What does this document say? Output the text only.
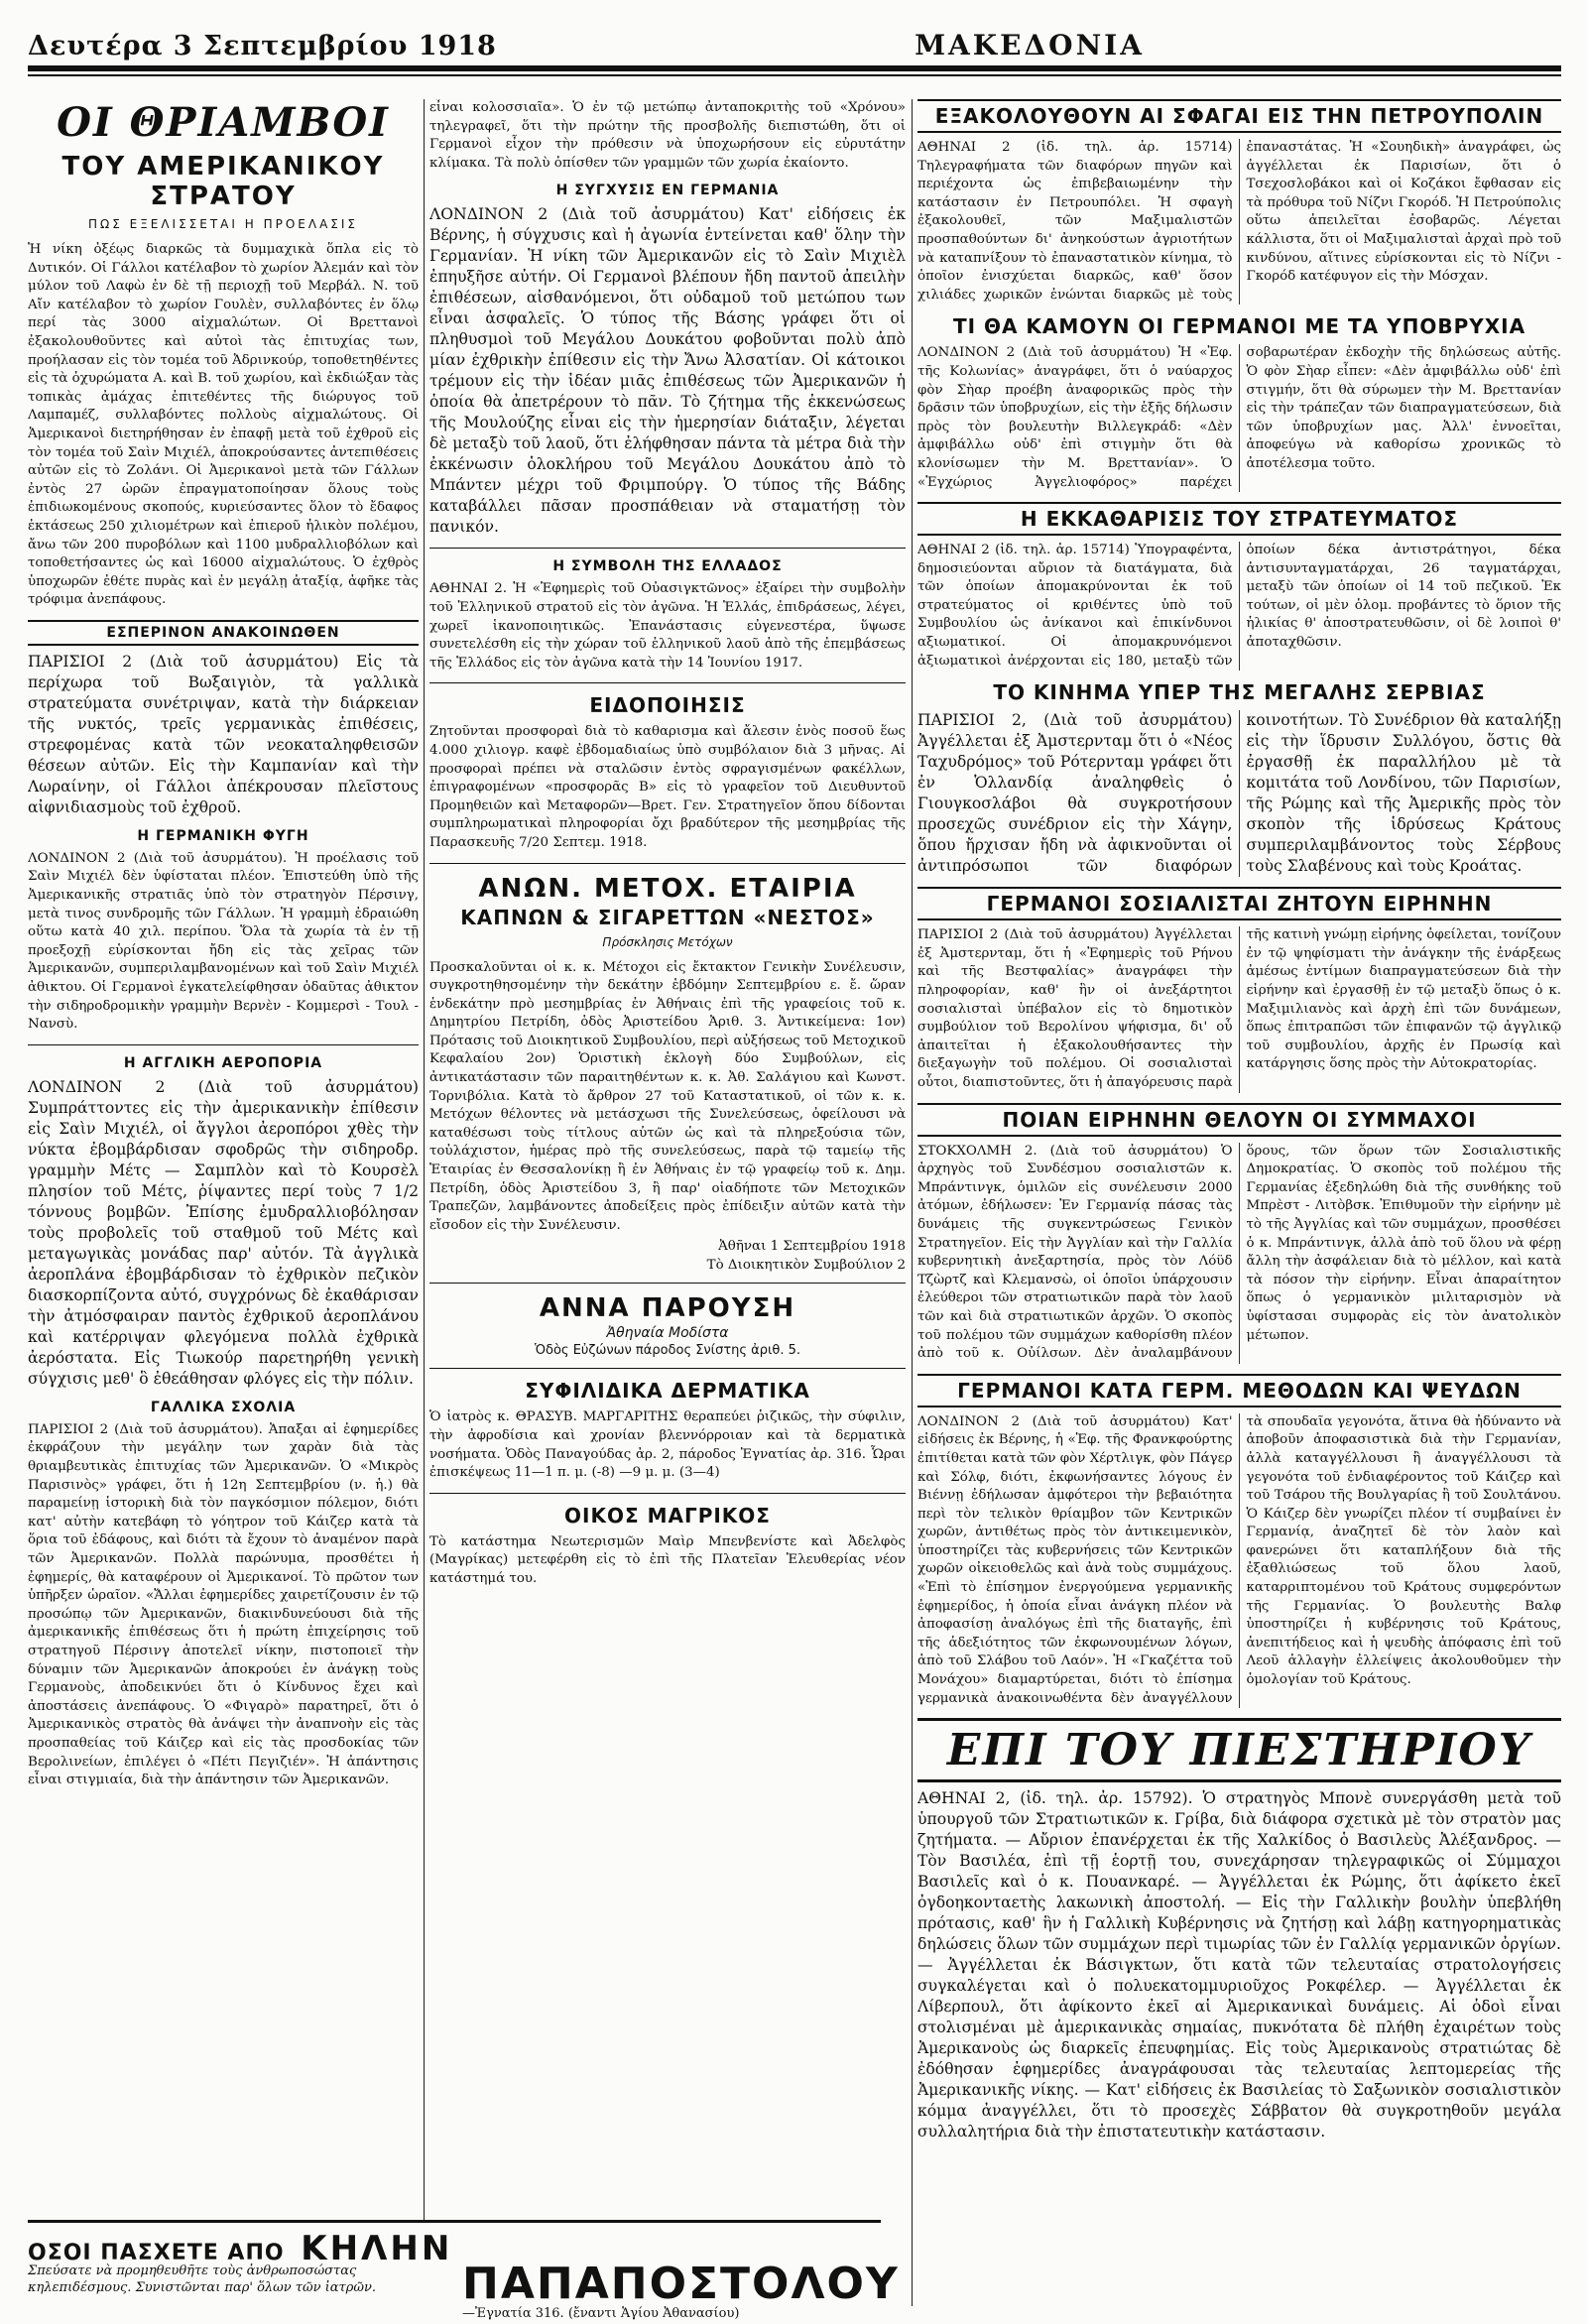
Δευτέρα 3 Σεπτεμβρίου 1918	ΜΑΚΕΔΟΝΙΑ
ΟΙ ΘΡΙΑΜΒΟΙ
ΤΟΥ ΑΜΕΡΙΚΑΝΙΚΟΥ ΣΤΡΑΤΟΥ
ΠΩΣ ΕΞΕΛΙΣΣΕΤΑΙ Η ΠΡΟΕΛΑΣΙΣ

Ἡ νίκη ὀξέῳς διαρκῶς τὰ δυμμαχικὰ ὅπλα εἰς τὸ Δυτικόν. Οἱ Γάλλοι κατέλαβον τὸ χωρίον Ἀλεμάν καὶ τὸν μύλον τοῦ Λαφὼ ἐν δὲ τῇ περιοχῇ τοῦ Μερβάλ. Ν. τοῦ Αἴν κατέλαβον τὸ χωρίον Γουλὲν, συλλαβόντες ἐν ὅλῳ περί τὰς 3000 αἰχμαλώτων. Οἱ Βρεττανοὶ ἐξακολουθοῦντες καὶ αὐτοὶ τὰς ἐπιτυχίας των, προήλασαν εἰς τὸν τομέα τοῦ Ἀδρινκούρ, τοποθετηθέντες εἰς τὰ ὀχυρώματα Α. καὶ Β. τοῦ χωρίου, καὶ ἐκδιώξαν τὰς τοπικὰς ἀμάχας ἐπιτεθέντες τῆς διώρυγος τοῦ Λαμπαμέζ, συλλαβόντες πολλοὺς αἰχμαλώτους. Οἱ Ἀμερικανοὶ διετηρήθησαν ἐν ἐπαφῇ μετὰ τοῦ ἐχθροῦ εἰς τὸν τομέα τοῦ Σαὶν Μιχιέλ, ἀποκρούσαντες ἀντεπιθέσεις αὐτῶν εἰς τὸ Ζολάνι. Οἱ Ἀμερικανοὶ μετὰ τῶν Γάλλων ἐντὸς 27 ὡρῶν ἐπραγματοποίησαν ὅλους τοὺς ἐπιδιωκομένους σκοπούς, κυριεύσαντες ὅλον τὸ ἔδαφος ἐκτάσεως 250 χιλιομέτρων καὶ ἐπιεροῦ ἠλικὸν πολέμου, ἄνω τῶν 200 πυροβόλων καὶ 1100 μυδραλλιοβόλων καὶ τοποθετήσαντες ὡς καὶ 16000 αἰχμαλώτους. Ὁ ἐχθρὸς ὑποχωρῶν ἐθέτε πυρὰς καὶ ἐν μεγάλῃ ἀταξίᾳ, ἀφῆκε τὰς τρόφιμα ἀνεπάφους.

ΕΣΠΕΡΙΝΟΝ ΑΝΑΚΟΙΝΩΘΕΝ

ΠΑΡΙΣΙΟΙ 2 (Διὰ τοῦ ἀσυρμάτου) Εἰς τὰ περίχωρα τοῦ Βωξαιγιὸν, τὰ γαλλικὰ στρατεύματα συνέτριψαν, κατὰ τὴν διάρκειαν τῆς νυκτός, τρεῖς γερμανικὰς ἐπιθέσεις, στρεφομένας κατὰ τῶν νεοκαταληφθεισῶν θέσεων αὐτῶν. Εἰς τὴν Καμπανίαν καὶ τὴν Λωραίνην, οἱ Γάλλοι ἀπέκρουσαν πλεῖστους αἰφνιδιασμοὺς τοῦ ἐχθροῦ.

Η ΓΕΡΜΑΝΙΚΗ ΦΥΓΗ

ΛΟΝΔΙΝΟΝ 2 (Διὰ τοῦ ἀσυρμάτου). Ἡ προέλασις τοῦ Σαὶν Μιχιέλ δὲν ὑφίσταται πλέον. Ἐπιστεύθη ὑπὸ τῆς Ἀμερικανικῆς στρατιᾶς ὑπὸ τὸν στρατηγὸν Πέρσινγ, μετὰ τινος συνδρομῆς τῶν Γάλλων. Ἡ γραμμὴ ἐδραιώθη οὕτω κατὰ 40 χιλ. περίπου. Ὅλα τὰ χωρία τὰ ἐν τῇ προεξοχῇ εὑρίσκονται ἤδη εἰς τὰς χεῖρας τῶν Ἀμερικανῶν, συμπεριλαμβανομένων καὶ τοῦ Σαὶν Μιχιέλ ἀθικτου. Οἱ Γερμανοὶ ἐγκατελείφθησαν ὀδαῦτας ἀθικτον τὴν σιδηροδρομικὴν γραμμὴν Βερνὲν - Κομμερσὶ - Τουλ - Νανσὺ.

Η ΑΓΓΛΙΚΗ ΑΕΡΟΠΟΡΙΑ

ΛΟΝΔΙΝΟΝ 2 (Διὰ τοῦ ἀσυρμάτου) Συμπράττοντες εἰς τὴν ἀμερικανικὴν ἐπίθεσιν εἰς Σαὶν Μιχιέλ, οἱ ἄγγλοι ἀεροπόροι χθὲς τὴν νύκτα ἐβομβάρδισαν σφοδρῶς τὴν σιδηροδρ. γραμμὴν Μέτς — Σαμπλὸν καὶ τὸ Κουρσὲλ πλησίον τοῦ Μέτς, ῥίψαντες περί τοὺς 7 1/2 τόννους βομβῶν. Ἐπίσης ἐμυδραλλιοβόλησαν τοὺς προβολεῖς τοῦ σταθμοῦ τοῦ Μέτς καὶ μεταγωγικὰς μονάδας παρ' αὐτόν. Τὰ ἀγγλικὰ ἀεροπλάνα ἐβομβάρδισαν τὸ ἐχθρικὸν πεζικὸν διασκορπίζοντα αὐτό, συγχρόνως δὲ ἐκαθάρισαν τὴν ἀτμόσφαιραν παντὸς ἐχθρικοῦ ἀεροπλάνου καὶ κατέρριψαν φλεγόμενα πολλὰ ἐχθρικὰ ἀερόστατα. Εἰς Τιωκούρ παρετηρήθη γενικὴ σύγχισις μεθ' ὃ ἐθεάθησαν φλόγες εἰς τὴν πόλιν.

ΓΑΛΛΙΚΑ ΣΧΟΛΙΑ

ΠΑΡΙΣΙΟΙ 2 (Διὰ τοῦ ἀσυρμάτου). Ἁπαξαι αἱ ἐφημερίδες ἐκφράζουν τὴν μεγάλην των χαρὰν διὰ τὰς θριαμβευτικὰς ἐπιτυχίας τῶν Ἀμερικανῶν. Ὁ «Μικρὸς Παρισινὸς» γράφει, ὅτι ἡ 12η Σεπτεμβρίου (ν. ἡ.) θὰ παραμείνῃ ἱστορικὴ διὰ τὸν παγκόσμιον πόλεμον, διότι κατ' αὐτὴν κατεβάφη τὸ γόητρον τοῦ Κάιζερ κατὰ τὰ ὅρια τοῦ ἐδάφους, καὶ διότι τὰ ἔχουν τὸ ἀναμένον παρὰ τῶν Ἀμερικανῶν. Πολλὰ παρώνυμα, προσθέτει ἡ ἐφημερίς, θὰ καταφέρουν οἱ Ἀμερικανοί. Τὸ πρῶτον των ὑπῆρξεν ὡραῖον. «Ἄλλαι ἐφημερίδες χαιρετίζουσιν ἐν τῷ προσώπῳ τῶν Ἀμερικανῶν, διακινδυνεύουσι διὰ τῆς ἀμερικανικῆς ἐπιθέσεως ὅτι ἡ πρώτη ἐπιχείρησις τοῦ στρατηγοῦ Πέρσινγ ἀποτελεῖ νίκην, πιστοποιεῖ τὴν δύναμιν τῶν Ἀμερικανῶν ἀποκρούει ἐν ἀνάγκῃ τοὺς Γερμανοὺς, ἀποδεικνύει ὅτι ὁ Κίνδυνος ἔχει καὶ ἀποστάσεις ἀνεπάφους. Ὁ «Φιγαρὸ» παρατηρεῖ, ὅτι ὁ Ἀμερικανικὸς στρατὸς θὰ ἀνάψει τὴν ἀναπνοὴν εἰς τὰς προσπαθείας τοῦ Κάιζερ καὶ εἰς τὰς προσδοκίας τῶν Βερολινείων, ἐπιλέγει ὁ «Πέτι Πεγιζιέν». Ἡ ἀπάντησις εἶναι στιγμιαία, διὰ τὴν ἀπάντησιν τῶν Ἀμερικανῶν.

εἶναι κολοσσιαῖα». Ὁ ἐν τῷ μετώπῳ ἀνταποκριτὴς τοῦ «Χρόνου» τηλεγραφεῖ, ὅτι τὴν πρώτην τῆς προσβολῆς διεπιστώθη, ὅτι οἱ Γερμανοὶ εἶχον τὴν πρόθεσιν νὰ ὑποχωρήσουν εἰς εὐρυτάτην κλίμακα. Τὰ πολὺ ὀπίσθεν τῶν γραμμῶν τῶν χωρία ἐκαίοντο.

Η ΣΥΓΧΥΣΙΣ ΕΝ ΓΕΡΜΑΝΙΑ

ΛΟΝΔΙΝΟΝ 2 (Διὰ τοῦ ἀσυρμάτου) Κατ' εἰδήσεις ἐκ Βέρνης, ἡ σύγχυσις καὶ ἡ ἀγωνία ἐντείνεται καθ' ὅλην τὴν Γερμανίαν. Ἡ νίκη τῶν Ἀμερικανῶν εἰς τὸ Σαὶν Μιχιὲλ ἐπηυξῆσε αὐτήν. Οἱ Γερμανοὶ βλέπουν ἤδη παντοῦ ἀπειλὴν ἐπιθέσεων, αἰσθανόμενοι, ὅτι οὐδαμοῦ τοῦ μετώπου των εἶναι ἀσφαλεῖς. Ὁ τύπος τῆς Βάσης γράφει ὅτι οἱ πληθυσμοὶ τοῦ Μεγάλου Δουκάτου φοβοῦνται πολὺ ἀπὸ μίαν ἐχθρικὴν ἐπίθεσιν εἰς τὴν Ἄνω Ἀλσατίαν. Οἱ κάτοικοι τρέμουν εἰς τὴν ἰδέαν μιᾶς ἐπιθέσεως τῶν Ἀμερικανῶν ἡ ὁποία θὰ ἀπετρέρουν τὸ πᾶν. Τὸ ζήτημα τῆς ἐκκενώσεως τῆς Μουλούζης εἶναι εἰς τὴν ἡμερησίαν διάταξιν, λέγεται δὲ μεταξὺ τοῦ λαοῦ, ὅτι ἐλήφθησαν πάντα τὰ μέτρα διὰ τὴν ἐκκένωσιν ὁλοκλήρου τοῦ Μεγάλου Δουκάτου ἀπὸ τὸ Μπάντεν μέχρι τοῦ Φριμπούργ. Ὁ τύπος τῆς Βάδης καταβάλλει πᾶσαν προσπάθειαν νὰ σταματήσῃ τὸν πανικόν.

Η ΣΥΜΒΟΛΗ ΤΗΣ ΕΛΛΑΔΟΣ

ΑΘΗΝΑΙ 2. Ἡ «Ἐφημερὶς τοῦ Οὐασιγκτῶνος» ἐξαίρει τὴν συμβολὴν τοῦ Ἑλληνικοῦ στρατοῦ εἰς τὸν ἀγῶνα. Ἡ Ἑλλάς, ἐπιδράσεως, λέγει, χωρεῖ ἱκανοποιητικῶς. Ἐπανάστασις εὐγενεστέρα, ὕψωσε συνετελέσθη εἰς τὴν χώραν τοῦ ἑλληνικοῦ λαοῦ ἀπὸ τῆς ἐπεμβάσεως τῆς Ἑλλάδος εἰς τὸν ἀγῶνα κατὰ τὴν 14 Ἰουνίου 1917.

ΕΙΔΟΠΟΙΗΣΙΣ

Ζητοῦνται προσφοραὶ διὰ τὸ καθαρισμα καὶ ἄλεσιν ἑνὸς ποσοῦ ἕως 4.000 χιλιογρ. καφὲ ἐβδομαδιαίως ὑπὸ συμβόλαιον διὰ 3 μῆνας. Αἱ προσφοραὶ πρέπει νὰ σταλῶσιν ἐντὸς σφραγισμένων φακέλλων, ἐπιγραφομένων «προσφορᾶς Β» εἰς τὸ γραφεῖον τοῦ Διευθυντοῦ Προμηθειῶν καὶ Μεταφορῶν—Βρετ. Γεν. Στρατηγεῖον ὅπου δίδονται συμπληρωματικαὶ πληροφορίαι ὄχι βραδύτερον τῆς μεσημβρίας τῆς Παρασκευῆς 7/20 Σεπτεμ. 1918.

ΑΝΩΝ. ΜΕΤΟΧ. ΕΤΑΙΡΙΑ
ΚΑΠΝΩΝ & ΣΙΓΑΡΕΤΤΩΝ «ΝΕΣΤΟΣ»
Πρόσκλησις Μετόχων

Προσκαλοῦνται οἱ κ. κ. Μέτοχοι εἰς ἔκτακτον Γενικὴν Συνέλευσιν, συγκροτηθησομένην τὴν δεκάτην ἑβδόμην Σεπτεμβρίου ε. ἔ. ὥραν ἑνδεκάτην πρὸ μεσημβρίας ἐν Ἀθήναις ἐπὶ τῆς γραφείοις τοῦ κ. Δημητρίου Πετρίδη, ὁδὸς Ἀριστείδου Ἀριθ. 3. Ἀντικείμενα: 1ον) Πρότασις τοῦ Διοικητικοῦ Συμβουλίου, περὶ αὐξήσεως τοῦ Μετοχικοῦ Κεφαλαίου 2ον) Ὁριστικὴ ἐκλογὴ δύο Συμβούλων, εἰς ἀντικατάστασιν τῶν παραιτηθέντων κ. κ. Ἀθ. Σαλάγιου καὶ Κωνστ. Τορνιβόλια. Κατὰ τὸ ἄρθρον 27 τοῦ Καταστατικοῦ, οἱ τῶν κ. κ. Μετόχων θέλοντες νὰ μετάσχωσι τῆς Συνελεύσεως, ὀφείλουσι νὰ καταθέσωσι τοὺς τίτλους αὐτῶν ὡς καὶ τὰ πληρεξούσια τῶν, τοὐλάχιστον, ἡμέρας πρὸ τῆς συνελεύσεως, παρὰ τῷ ταμείῳ τῆς Ἑταιρίας ἐν Θεσσαλονίκῃ ἢ ἐν Ἀθήναις ἐν τῷ γραφείῳ τοῦ κ. Δημ. Πετρίδη, ὁδὸς Ἀριστείδου 3, ἢ παρ' οἱαδήποτε τῶν Μετοχικῶν Τραπεζῶν, λαμβάνοντες ἀποδείξεις πρὸς ἐπίδειξιν αὐτῶν κατὰ τὴν εἴσοδον εἰς τὴν Συνέλευσιν.

Ἀθῆναι 1 Σεπτεμβρίου 1918
Τὸ Διοικητικὸν Συμβούλιον 2
ΑΝΝΑ ΠΑΡΟΥΣΗ
Ἀθηναία Μοδίστα
Ὁδὸς Εὐζώνων πάροδος Σνίστης ἀριθ. 5.
ΣΥΦΙΛΙΔΙΚΑ ΔΕΡΜΑΤΙΚΑ

Ὁ ἰατρὸς κ. ΘΡΑΣΥΒ. ΜΑΡΓΑΡΙΤΗΣ θεραπεύει ῥιζικῶς, τὴν σύφιλιν, τὴν ἀφροδίσια καὶ χρονίαν βλεννόρροιαν καὶ τὰ δερματικὰ νοσήματα. Ὁδὸς Παναγούδας ἀρ. 2, πάροδος Ἐγνατίας ἀρ. 316. Ὧραι ἐπισκέψεως 11—1 π. μ. (-8) —9 μ. μ. (3—4)

ΟΙΚΟΣ ΜΑΓΡΙΚΟΣ

Τὸ κατάστημα Νεωτερισμῶν Μαὶρ Μπενβενίστε καὶ Ἀδελφὸς (Μαγρίκας) μετεφέρθη εἰς τὸ ἐπὶ τῆς Πλατεῖαν Ἐλευθερίας νέον κατάστημά του.

ΕΞΑΚΟΛΟΥΘΟΥΝ ΑΙ ΣΦΑΓΑΙ ΕΙΣ ΤΗΝ ΠΕΤΡΟΥΠΟΛΙΝ

ΑΘΗΝΑΙ 2 (ἰδ. τηλ. ἀρ. 15714) Τηλεγραφήματα τῶν διαφόρων πηγῶν καὶ περιέχοντα ὡς ἐπιβεβαιωμένην τὴν κατάστασιν ἐν Πετρουπόλει. Ἡ σφαγὴ ἐξακολουθεῖ, τῶν Μαξιμαλιστῶν προσπαθούντων δι' ἀνηκούστων ἀγριοτήτων νὰ καταπνίξουν τὸ ἐπαναστατικὸν κίνημα, τὸ ὁποῖον ἐνισχύεται διαρκῶς, καθ' ὅσον χιλιάδες χωρικῶν ἐνώνται διαρκῶς μὲ τοὺς ἐπαναστάτας. Ἡ «Σουηδικὴ» ἀναγράφει, ὡς ἀγγέλλεται ἐκ Παρισίων, ὅτι ὁ Τσεχοσλοβάκοι καὶ οἱ Κοζάκοι ἔφθασαν εἰς τὰ πρόθυρα τοῦ Νίζνι Γκορόδ. Ἡ Πετρούπολις οὕτω ἀπειλεῖται ἐσοβαρῶς. Λέγεται κάλλιστα, ὅτι οἱ Μαξιμαλισταὶ ἀρχαὶ πρὸ τοῦ κινδύνου, αἵτινες εὑρίσκονται εἰς τὸ Νίζνι - Γκορόδ κατέφυγον εἰς τὴν Μόσχαν.

ΤΙ ΘΑ ΚΑΜΟΥΝ ΟΙ ΓΕΡΜΑΝΟΙ ΜΕ ΤΑ ΥΠΟΒΡΥΧΙΑ

ΛΟΝΔΙΝΟΝ 2 (Διὰ τοῦ ἀσυρμάτου) Ἡ «Ἐφ. τῆς Κολωνίας» ἀναγράφει, ὅτι ὁ ναύαρχος φὸν Σὴαρ προέβη ἀναφορικῶς πρὸς τὴν δρᾶσιν τῶν ὑποβρυχίων, εἰς τὴν ἑξῆς δήλωσιν πρὸς τὸν βουλευτὴν Βιλλεγκράδ: «Δὲν ἀμφιβάλλω οὐδ' ἐπὶ στιγμὴν ὅτι θὰ κλονίσωμεν τὴν Μ. Βρεττανίαν». Ὁ «Ἐγχώριος Ἀγγελιοφόρος» παρέχει σοβαρωτέραν ἐκδοχὴν τῆς δηλώσεως αὐτῆς. Ὁ φὸν Σὴαρ εἶπεν: «Δὲν ἀμφιβάλλω οὐδ' ἐπὶ στιγμήν, ὅτι θὰ σύρωμεν τὴν Μ. Βρεττανίαν εἰς τὴν τράπεζαν τῶν διαπραγματεύσεων, διὰ τῶν ὑποβρυχίων μας. Ἀλλ' ἐννοεῖται, ἀποφεύγω νὰ καθορίσω χρονικῶς τὸ ἀποτέλεσμα τοῦτο.

Η ΕΚΚΑΘΑΡΙΣΙΣ ΤΟΥ ΣΤΡΑΤΕΥΜΑΤΟΣ

ΑΘΗΝΑΙ 2 (ἰδ. τηλ. ἀρ. 15714) Ὑπογραφέντα, δημοσιεύονται αὔριον τὰ διατάγματα, διὰ τῶν ὁποίων ἀπομακρύνονται ἐκ τοῦ στρατεύματος οἱ κριθέντες ὑπὸ τοῦ Συμβουλίου ὡς ἀνίκανοι καὶ ἐπικίνδυνοι αξιωματικοί. Οἱ ἀπομακρυνόμενοι ἀξιωματικοὶ ἀνέρχονται εἰς 180, μεταξὺ τῶν ὁποίων δέκα ἀντιστράτηγοι, δέκα ἀντισυνταγματάρχαι, 26 ταγματάρχαι, μεταξὺ τῶν ὁποίων οἱ 14 τοῦ πεζικοῦ. Ἐκ τούτων, οἱ μὲν ὁλομ. προβάντες τὸ ὅριον τῆς ἡλικίας θ' ἀποστρατευθῶσιν, οἱ δὲ λοιποὶ θ' ἀποταχθῶσιν.

ΤΟ ΚΙΝΗΜΑ ΥΠΕΡ ΤΗΣ ΜΕΓΑΛΗΣ ΣΕΡΒΙΑΣ

ΠΑΡΙΣΙΟΙ 2, (Διὰ τοῦ ἀσυρμάτου) Ἀγγέλλεται ἐξ Ἀμστερνταμ ὅτι ὁ «Νέος Ταχυδρόμος» τοῦ Ρότερνταμ γράφει ὅτι ἐν Ὁλλανδίᾳ ἀναληφθεὶς ὁ Γιουγκοσλάβοι θὰ συγκροτήσουν προσεχῶς συνέδριον εἰς τὴν Χάγην, ὅπου ἤρχισαν ἤδη νὰ ἀφικνοῦνται οἱ ἀντιπρόσωποι τῶν διαφόρων κοινοτήτων. Τὸ Συνέδριον θὰ καταλήξῃ εἰς τὴν ἵδρυσιν Συλλόγου, ὅστις θὰ ἐργασθῇ ἐκ παραλλήλου μὲ τὰ κομιτάτα τοῦ Λονδίνου, τῶν Παρισίων, τῆς Ρώμης καὶ τῆς Ἀμερικῆς πρὸς τὸν σκοπὸν τῆς ἱδρύσεως Κράτους συμπεριλαμβάνοντος τοὺς Σέρβους τοὺς Σλαβένους καὶ τοὺς Κροάτας.

ΓΕΡΜΑΝΟΙ ΣΟΣΙΑΛΙΣΤΑΙ ΖΗΤΟΥΝ ΕΙΡΗΝΗΝ

ΠΑΡΙΣΙΟΙ 2 (Διὰ τοῦ ἀσυρμάτου) Ἀγγέλλεται ἐξ Ἀμστερνταμ, ὅτι ἡ «Ἐφημερὶς τοῦ Ρήνου καὶ τῆς Βεστφαλίας» ἀναγράφει τὴν πληροφορίαν, καθ' ἣν οἱ ἀνεξάρτητοι σοσιαλισταὶ ὑπέβαλον εἰς τὸ δημοτικὸν συμβούλιον τοῦ Βερολίνου ψήφισμα, δι' οὗ ἀπαιτεῖται ἡ ἐξακολουθήσαντες τὴν διεξαγωγὴν τοῦ πολέμου. Οἱ σοσιαλισταὶ οὗτοι, διαπιστοῦντες, ὅτι ἡ ἀπαγόρευσις παρὰ τῆς κατινὴ γνώμῃ εἰρήνης ὀφείλεται, τονίζουν ἐν τῷ ψηφίσματι τὴν ἀνάγκην τῆς ἐνάρξεως ἀμέσως ἐντίμων διαπραγματεύσεων διὰ τὴν εἰρήνην καὶ ἐργασθῇ ἐν τῷ μεταξὺ ὅπως ὁ κ. Μαξιμιλιανὸς καὶ ἀρχὴ ἐπὶ τῶν δυνάμεων, ὅπως ἐπιτραπῶσι τῶν ἐπιφανῶν τῷ ἀγγλικῷ τοῦ συμβουλίου, ἀρχῆς ἐν Πρωσίᾳ καὶ κατάργησις ὅσης πρὸς τὴν Αὐτοκρατορίας.

ΠΟΙΑΝ ΕΙΡΗΝΗΝ ΘΕΛΟΥΝ ΟΙ ΣΥΜΜΑΧΟΙ

ΣΤΟΚΧΟΛΜΗ 2. (Διὰ τοῦ ἀσυρμάτου) Ὁ ἀρχηγὸς τοῦ Συνδέσμου σοσιαλιστῶν κ. Μπράντινγκ, ὁμιλῶν εἰς συνέλευσιν 2000 ἀτόμων, ἐδήλωσεν: Ἐν Γερμανίᾳ πάσας τὰς δυνάμεις τῆς συγκεντρώσεως Γενικὸν Στρατηγεῖον. Εἰς τὴν Ἀγγλίαν καὶ τὴν Γαλλία κυβερνητικὴ ἀνεξαρτησία, πρὸς τὸν Λόϋδ Τζὼρτζ καὶ Κλεμανσὼ, οἱ ὁποῖοι ὑπάρχουσιν ἐλεύθεροι τῶν στρατιωτικῶν παρὰ τὸν λαοῦ τῶν καὶ διὰ στρατιωτικῶν ἀρχῶν. Ὁ σκοπὸς τοῦ πολέμου τῶν συμμάχων καθορίσθη πλέον ἀπὸ τοῦ κ. Οὐίλσων. Δὲν ἀναλαμβάνουν ὅρους, τῶν ὅρων τῶν Σοσιαλιστικῆς Δημοκρατίας. Ὁ σκοπὸς τοῦ πολέμου τῆς Γερμανίας ἐξεδηλώθη διὰ τῆς συνθήκης τοῦ Μπρὲστ - Λιτὸβσκ. Ἐπιθυμοῦν τὴν εἰρήνην μὲ τὸ τῆς Ἀγγλίας καὶ τῶν συμμάχων, προσθέσει ὁ κ. Μπράντινγκ, ἀλλὰ ἀπὸ τοῦ ὅλου νὰ φέρῃ ἄλλη τὴν ἀσφάλειαν διὰ τὸ μέλλον, καὶ κατὰ τὰ πόσον τὴν εἰρήνην. Εἶναι ἀπαραίτητον ὅπως ὁ γερμανικὸν μιλιταρισμὸν νὰ ὑφίστασαι συμφορὰς εἰς τὸν ἀνατολικὸν μέτωπον.

ΓΕΡΜΑΝΟΙ ΚΑΤΑ ΓΕΡΜ. ΜΕΘΟΔΩΝ ΚΑΙ ΨΕΥΔΩΝ

ΛΟΝΔΙΝΟΝ 2 (Διὰ τοῦ ἀσυρμάτου) Κατ' εἰδήσεις ἐκ Βέρνης, ἡ «Ἐφ. τῆς Φρανκφούρτης ἐπιτίθεται κατὰ τῶν φὸν Χέρτλιγκ, φὸν Πάγερ καὶ Σόλφ, διότι, ἐκφωνήσαντες λόγους ἐν Βιέννῃ ἐδήλωσαν ἀμφότεροι τὴν βεβαιότητα περὶ τὸν τελικὸν θρίαμβον τῶν Κεντρικῶν χωρῶν, ἀντιθέτως πρὸς τὸν ἀντικειμενικὸν, ὑποστηρίζει τὰς κυβερνήσεις τῶν Κεντρικῶν χωρῶν οἰκειοθελῶς καὶ ἀνὰ τοὺς συμμάχους. «Ἐπὶ τὸ ἐπίσημον ἐνεργούμενα γερμανικῆς ἐφημερίδος, ἡ ὁποία εἶναι ἀνάγκη πλέον νὰ ἀποφασίσῃ ἀναλόγως ἐπὶ τῆς διαταγῆς, ἐπὶ τῆς ἀδεξιότητος τῶν ἐκφωνουμένων λόγων, ἀπὸ τοῦ Σλάβου τοῦ Λαόν». Ἡ «Γκαζέττα τοῦ Μονάχου» διαμαρτύρεται, διότι τὸ ἐπίσημα γερμανικὰ ἀνακοινωθέντα δὲν ἀναγγέλλουν τὰ σπουδαῖα γεγονότα, ἅτινα θὰ ἠδύναντο νὰ ἀποβοῦν ἀποφασιστικὰ διὰ τὴν Γερμανίαν, ἀλλὰ καταγγέλλουσι ἢ ἀναγγέλλουσι τὰ γεγονότα τοῦ ἐνδιαφέροντος τοῦ Κάιζερ καὶ τοῦ Τσάρου τῆς Βουλγαρίας ἢ τοῦ Σουλτάνου. Ὁ Κάιζερ δὲν γνωρίζει πλέον τί συμβαίνει ἐν Γερμανίᾳ, ἀναζητεῖ δὲ τὸν λαὸν καὶ φανερώνει ὅτι καταπλήξουν διὰ τῆς ἐξαθλιώσεως τοῦ ὅλου λαοῦ, καταρριπτομένου τοῦ Κράτους συμφερόντων τῆς Γερμανίας. Ὁ βουλευτὴς Βαλφ ὑποστηρίζει ἡ κυβέρνησις τοῦ Κράτους, ἀνεπιτήδειος καὶ ἡ ψευδὴς ἀπόφασις ἐπὶ τοῦ Λεοῦ ἀλλαγὴν ἐλλείψεις ἀκολουθοῦμεν τὴν ὁμολογίαν τοῦ Κράτους.

ΕΠΙ ΤΟΥ ΠΙΕΣΤΗΡΙΟΥ

ΑΘΗΝΑΙ 2, (ἰδ. τηλ. ἀρ. 15792). Ὁ στρατηγὸς Μπονὲ συνεργάσθη μετὰ τοῦ ὑπουργοῦ τῶν Στρατιωτικῶν κ. Γρίβα, διὰ διάφορα σχετικὰ μὲ τὸν στρατὸν μας ζητήματα. — Αὔριον ἐπανέρχεται ἐκ τῆς Χαλκίδος ὁ Βασιλεὺς Ἀλέξανδρος. — Τὸν Βασιλέα, ἐπὶ τῇ ἑορτῇ του, συνεχάρησαν τηλεγραφικῶς οἱ Σύμμαχοι Βασιλεῖς καὶ ὁ κ. Πουανκαρέ. — Ἀγγέλλεται ἐκ Ρώμης, ὅτι ἀφίκετο ἐκεῖ ὀγδοηκονταετὴς λακωνικὴ ἀποστολή. — Εἰς τὴν Γαλλικὴν βουλὴν ὑπεβλήθη πρότασις, καθ' ἣν ἡ Γαλλικὴ Κυβέρνησις νὰ ζητήσῃ καὶ λάβῃ κατηγορηματικὰς δηλώσεις ὅλων τῶν συμμάχων περὶ τιμωρίας τῶν ἐν Γαλλίᾳ γερμανικῶν ὀργίων. — Ἀγγέλλεται ἐκ Βάσιγκτων, ὅτι κατὰ τῶν τελευταίας στρατολογήσεις συγκαλέγεται καὶ ὁ πολυεκατομμυριοῦχος Ροκφέλερ. — Ἀγγέλλεται ἐκ Λίβερπουλ, ὅτι ἀφίκοντο ἐκεῖ αἱ Ἀμερικανικαὶ δυνάμεις. Αἱ ὁδοὶ εἶναι στολισμέναι μὲ ἀμερικανικὰς σημαίας, πυκνότατα δὲ πλήθη ἐχαιρέτων τοὺς Ἀμερικανοὺς ὡς διαρκεῖς ἐπευφημίας. Εἰς τοὺς Ἀμερικανοὺς στρατιώτας δὲ ἐδόθησαν ἐφημερίδες ἀναγράφουσαι τὰς τελευταίας λεπτομερείας τῆς Ἀμερικανικῆς νίκης. — Κατ' εἰδήσεις ἐκ Βασιλείας τὸ Σαξωνικὸν σοσιαλιστικὸν κόμμα ἀναγγέλλει, ὅτι τὸ προσεχὲς Σάββατον θὰ συγκροτηθοῦν μεγάλα συλλαλητήρια διὰ τὴν ἐπιστατευτικὴν κατάστασιν.

ΟΣΟΙ ΠΑΣΧΕΤΕ ΑΠΟ ΚΗΛΗΝ
Σπεύσατε νὰ προμηθευθῆτε τοὺς ἀνθρωποσώστας κηλεπιδέσμους. Συνιστῶνται παρ' ὅλων τῶν ἰατρῶν.	ΠΑΠΑΠΟΣΤΟΛΟΥ
—Ἐγνατία 316. (ἔναντι Ἁγίου Ἀθανασίου)
